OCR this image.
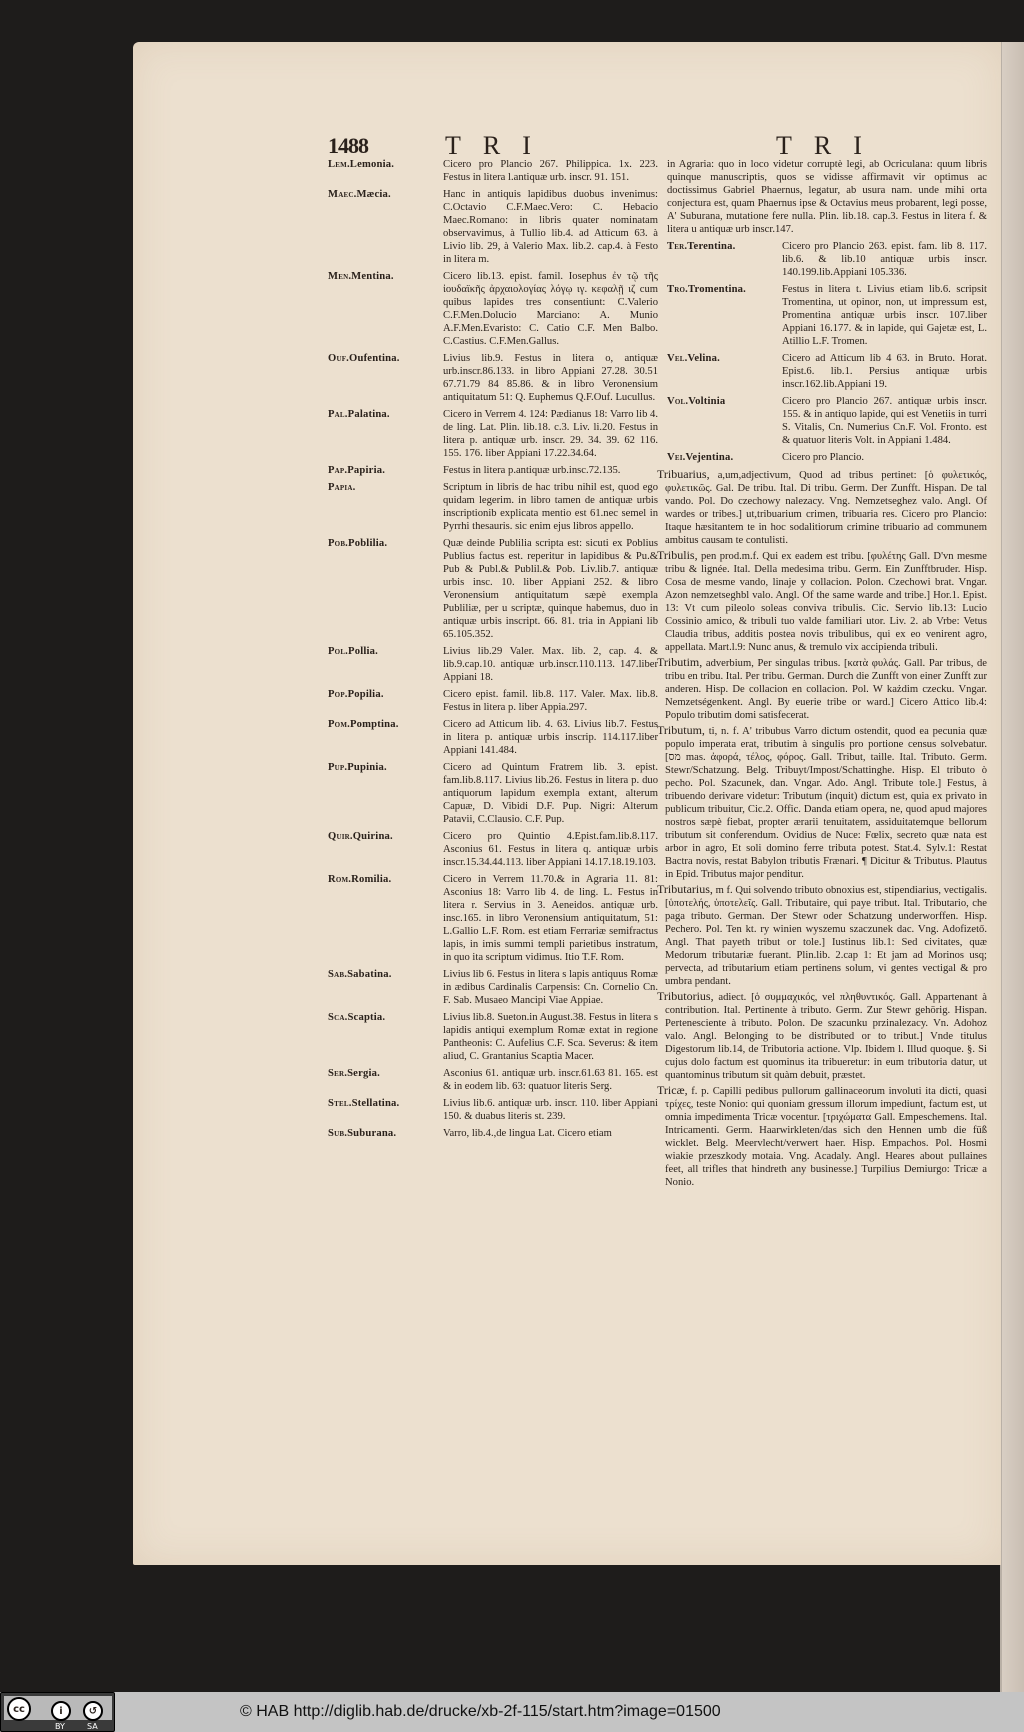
1488	TRI	TRI
Lem.Lemonia.	Cicero pro Plancio 267. Philippica. 1x. 223. Festus in litera l.antiquæ urb. inscr. 91. 151.
Maec.Mæcia.	Hanc in antiquis lapidibus duobus invenimus: C.Octavio C.F.Maec.Vero: C. Hebacio Maec.Romano: in libris quater nominatam observavimus, à Tullio lib.4. ad Atticum 63. à Livio lib. 29, à Valerio Max. lib.2. cap.4. à Festo in litera m.
Men.Mentina.	Cicero lib.13. epist. famil. Iosephus ἐν τῷ τῆς ἰουδαϊκῆς ἀρχαιολογίας λόγῳ ιγ. κεφαλῇ ιζ cum quibus lapides tres consentiunt: C.Valerio C.F.Men.Dolucio Marciano: A. Munio A.F.Men.Evaristo: C. Catio C.F. Men Balbo. C.Castius. C.F.Men.Gallus.
Ouf.Oufentina.	Livius lib.9. Festus in litera o, antiquæ urb.inscr.86.133. in libro Appiani 27.28. 30.51 67.71.79 84 85.86. & in libro Veronensium antiquitatum 51: Q. Euphemus Q.F.Ouf. Lucullus.
Pal.Palatina.	Cicero in Verrem 4. 124: Pædianus 18: Varro lib 4. de ling. Lat. Plin. lib.18. c.3. Liv. li.20. Festus in litera p. antiquæ urb. inscr. 29. 34. 39. 62 116. 155. 176. liber Appiani 17.22.34.64.
Pap.Papiria.	Festus in litera p.antiquæ urb.insc.72.135.
Papia.	Scriptum in libris de hac tribu nihil est, quod ego quidam legerim. in libro tamen de antiquæ urbis inscriptionib explicata mentio est 61.nec semel in Pyrrhi thesauris. sic enim ejus libros appello.
Pob.Poblilia.	Quæ deinde Publilia scripta est: sicuti ex Poblius Publius factus est. reperitur in lapidibus & Pu.& Pub & Publ.& Publil.& Pob. Liv.lib.7. antiquæ urbis insc. 10. liber Appiani 252. & libro Veronensium antiquitatum sæpè exempla Publiliæ, per u scriptæ, quinque habemus, duo in antiquæ urbis inscript. 66. 81. tria in Appiani lib 65.105.352.
Pol.Pollia.	Livius lib.29 Valer. Max. lib. 2, cap. 4. & lib.9.cap.10. antiquæ urb.inscr.110.113. 147.liber Appiani 18.
Pop.Popilia.	Cicero epist. famil. lib.8. 117. Valer. Max. lib.8. Festus in litera p. liber Appia.297.
Pom.Pomptina.	Cicero ad Atticum lib. 4. 63. Livius lib.7. Festus in litera p. antiquæ urbis inscrip. 114.117.liber Appiani 141.484.
Pup.Pupinia.	Cicero ad Quintum Fratrem lib. 3. epist. fam.lib.8.117. Livius lib.26. Festus in litera p. duo antiquorum lapidum exempla extant, alterum Capuæ, D. Vibidi D.F. Pup. Nigri: Alterum Patavii, C.Clausio. C.F. Pup.
Quir.Quirina.	Cicero pro Quintio 4.Epist.fam.lib.8.117. Asconius 61. Festus in litera q. antiquæ urbis inscr.15.34.44.113. liber Appiani 14.17.18.19.103.
Rom.Romilia.	Cicero in Verrem 11.70.& in Agraria 11. 81: Asconius 18: Varro lib 4. de ling. L. Festus in litera r. Servius in 3. Aeneidos. antiquæ urb. insc.165. in libro Veronensium antiquitatum, 51: L.Gallio L.F. Rom. est etiam Ferrariæ semifractus lapis, in imis summi templi parietibus instratum, in quo ita scriptum vidimus. Itio T.F. Rom.
Sab.Sabatina.	Livius lib 6. Festus in litera s lapis antiquus Romæ in ædibus Cardinalis Carpensis: Cn. Cornelio Cn. F. Sab. Musaeo Mancipi Viae Appiae.
Sca.Scaptia.	Livius lib.8. Sueton.in August.38. Festus in litera s lapidis antiqui exemplum Romæ extat in regione Pantheonis: C. Aufelius C.F. Sca. Severus: & item aliud, C. Grantanius Scaptia Macer.
Ser.Sergia.	Asconius 61. antiquæ urb. inscr.61.63 81. 165. est & in eodem lib. 63: quatuor literis Serg.
Stel.Stellatina.	Livius lib.6. antiquæ urb. inscr. 110. liber Appiani 150. & duabus literis st. 239.
Sub.Suburana.	Varro, lib.4.,de lingua Lat. Cicero etiam
in Agraria: quo in loco videtur corruptè legi, ab Ocriculana: quum libris quinque manuscriptis, quos se vidisse affirmavit vir optimus ac doctissimus Gabriel Phaernus, legatur, ab usura nam. unde mihi orta conjectura est, quam Phaernus ipse & Octavius meus probarent, legi posse, A' Suburana, mutatione fere nulla. Plin. lib.18. cap.3. Festus in litera f. & litera u antiquæ urb inscr.147.
Ter.Terentina.	Cicero pro Plancio 263. epist. fam. lib 8. 117. lib.6. & lib.10 antiquæ urbis inscr. 140.199.lib.Appiani 105.336.
Tro.Tromentina.	Festus in litera t. Livius etiam lib.6. scripsit Tromentina, ut opinor, non, ut impressum est, Promentina antiquæ urbis inscr. 107.liber Appiani 16.177. & in lapide, qui Gajetæ est, L. Atillio L.F. Tromen.
Vel.Velina.	Cicero ad Atticum lib 4 63. in Bruto. Horat. Epist.6. lib.1. Persius antiquæ urbis inscr.162.lib.Appiani 19.
Vol.Voltinia	Cicero pro Plancio 267. antiquæ urbis inscr. 155. & in antiquo lapide, qui est Venetiis in turri S. Vitalis, Cn. Numerius Cn.F. Vol. Fronto. est & quatuor literis Volt. in Appiani 1.484.
Vei.Vejentina.	Cicero pro Plancio.
Tribuarius, a,um,adjectivum, Quod ad tribus pertinet: [ὁ φυλετικός, φυλετικῶς. Gal. De tribu. Ital. Di tribu. Germ. Der Zunfft. Hispan. De tal vando. Pol. Do czechowy nalezacy. Vng. Nemzetseghez valo. Angl. Of wardes or tribes.] ut,tribuarium crimen, tribuaria res. Cicero pro Plancio: Itaque hæsitantem te in hoc sodalitiorum crimine tribuario ad communem ambitus causam te contulisti.
Tribulis, pen prod.m.f. Qui ex eadem est tribu. [φυλέτης Gall. D'vn mesme tribu & lignée. Ital. Della medesima tribu. Germ. Ein Zunfftbruder. Hisp. Cosa de mesme vando, linaje y collacion. Polon. Czechowi brat. Vngar. Azon nemzetseghbl valo. Angl. Of the same warde and tribe.] Hor.1. Epist. 13: Vt cum pileolo soleas conviva tribulis. Cic. Servio lib.13: Lucio Cossinio amico, & tribuli tuo valde familiari utor. Liv. 2. ab Vrbe: Vetus Claudia tribus, additis postea novis tribulibus, qui ex eo venirent agro, appellata. Mart.l.9: Nunc anus, & tremulo vix accipienda tribuli.
Tributim, adverbium, Per singulas tribus. [κατὰ φυλάς. Gall. Par tribus, de tribu en tribu. Ital. Per tribu. German. Durch die Zunfft von einer Zunfft zur anderen. Hisp. De collacion en collacion. Pol. W każdim czecku. Vngar. Nemzetségenkent. Angl. By euerie tribe or ward.] Cicero Attico lib.4: Populo tributim domi satisfecerat.
Tributum, ti, n. f. A' tribubus Varro dictum ostendit, quod ea pecunia quæ populo imperata erat, tributim à singulis pro portione census solvebatur. [מס mas. ἀφορά, τέλος, φόρος. Gall. Tribut, taille. Ital. Tributo. Germ. Stewr/Schatzung. Belg. Tribuyt/Impost/Schattinghe. Hisp. El tributo ò pecho. Pol. Szacunek, dan. Vngar. Ado. Angl. Tribute tole.] Festus, à tribuendo derivare videtur: Tributum (inquit) dictum est, quia ex privato in publicum tribuitur, Cic.2. Offic. Danda etiam opera, ne, quod apud majores nostros sæpè fiebat, propter ærarii tenuitatem, assiduitatemque bellorum tributum sit conferendum. Ovidius de Nuce: Fœlix, secreto quæ nata est arbor in agro, Et soli domino ferre tributa potest. Stat.4. Sylv.1: Restat Bactra novis, restat Babylon tributis Frænari. ¶ Dicitur & Tributus. Plautus in Epid. Tributus major penditur.
Tributarius, m f. Qui solvendo tributo obnoxius est, stipendiarius, vectigalis. [ὑποτελής, ὑποτελεῖς. Gall. Tributaire, qui paye tribut. Ital. Tributario, che paga tributo. German. Der Stewr oder Schatzung underworffen. Hisp. Pechero. Pol. Ten kt. ry winien wyszemu szaczunek dac. Vng. Adofizető. Angl. That payeth tribut or tole.] Iustinus lib.1: Sed civitates, quæ Medorum tributariæ fuerant. Plin.lib. 2.cap 1: Et jam ad Morinos usq; pervecta, ad tributarium etiam pertinens solum, vi gentes vectigal & pro umbra pendant.
Tributorius, adiect. [ὁ συμμαχικός, vel πληθυντικός. Gall. Appartenant à contribution. Ital. Pertinente à tributo. Germ. Zur Stewr gehörig. Hispan. Pertenesciente à tributo. Polon. De szacunku przinalezacy. Vn. Adohoz valo. Angl. Belonging to be distributed or to tribut.] Vnde titulus Digestorum lib.14, de Tributoria actione. Vlp. Ibidem l. Illud quoque. §. Si cujus dolo factum est quominus ita tribueretur: in eum tributoria datur, ut quantominus tributum sit quàm debuit, præstet.
Tricæ, f. p. Capilli pedibus pullorum gallinaceorum involuti ita dicti, quasi τρίχες, teste Nonio: qui quoniam gressum illorum impediunt, factum est, ut omnia impedimenta Tricæ vocentur. [τριχώματα Gall. Empeschemens. Ital. Intricamenti. Germ. Haarwirkleten/das sich den Hennen umb die füß wicklet. Belg. Meervlecht/verwert haer. Hisp. Empachos. Pol. Hosmi wiakie przeszkody motaia. Vng. Acadaly. Angl. Heares about pullaines feet, all trifles that hindreth any businesse.] Turpilius Demiurgo: Tricæ a Nonio.
cc	i	↺
BY	SA
© HAB http://diglib.hab.de/drucke/xb-2f-115/start.htm?image=01500
